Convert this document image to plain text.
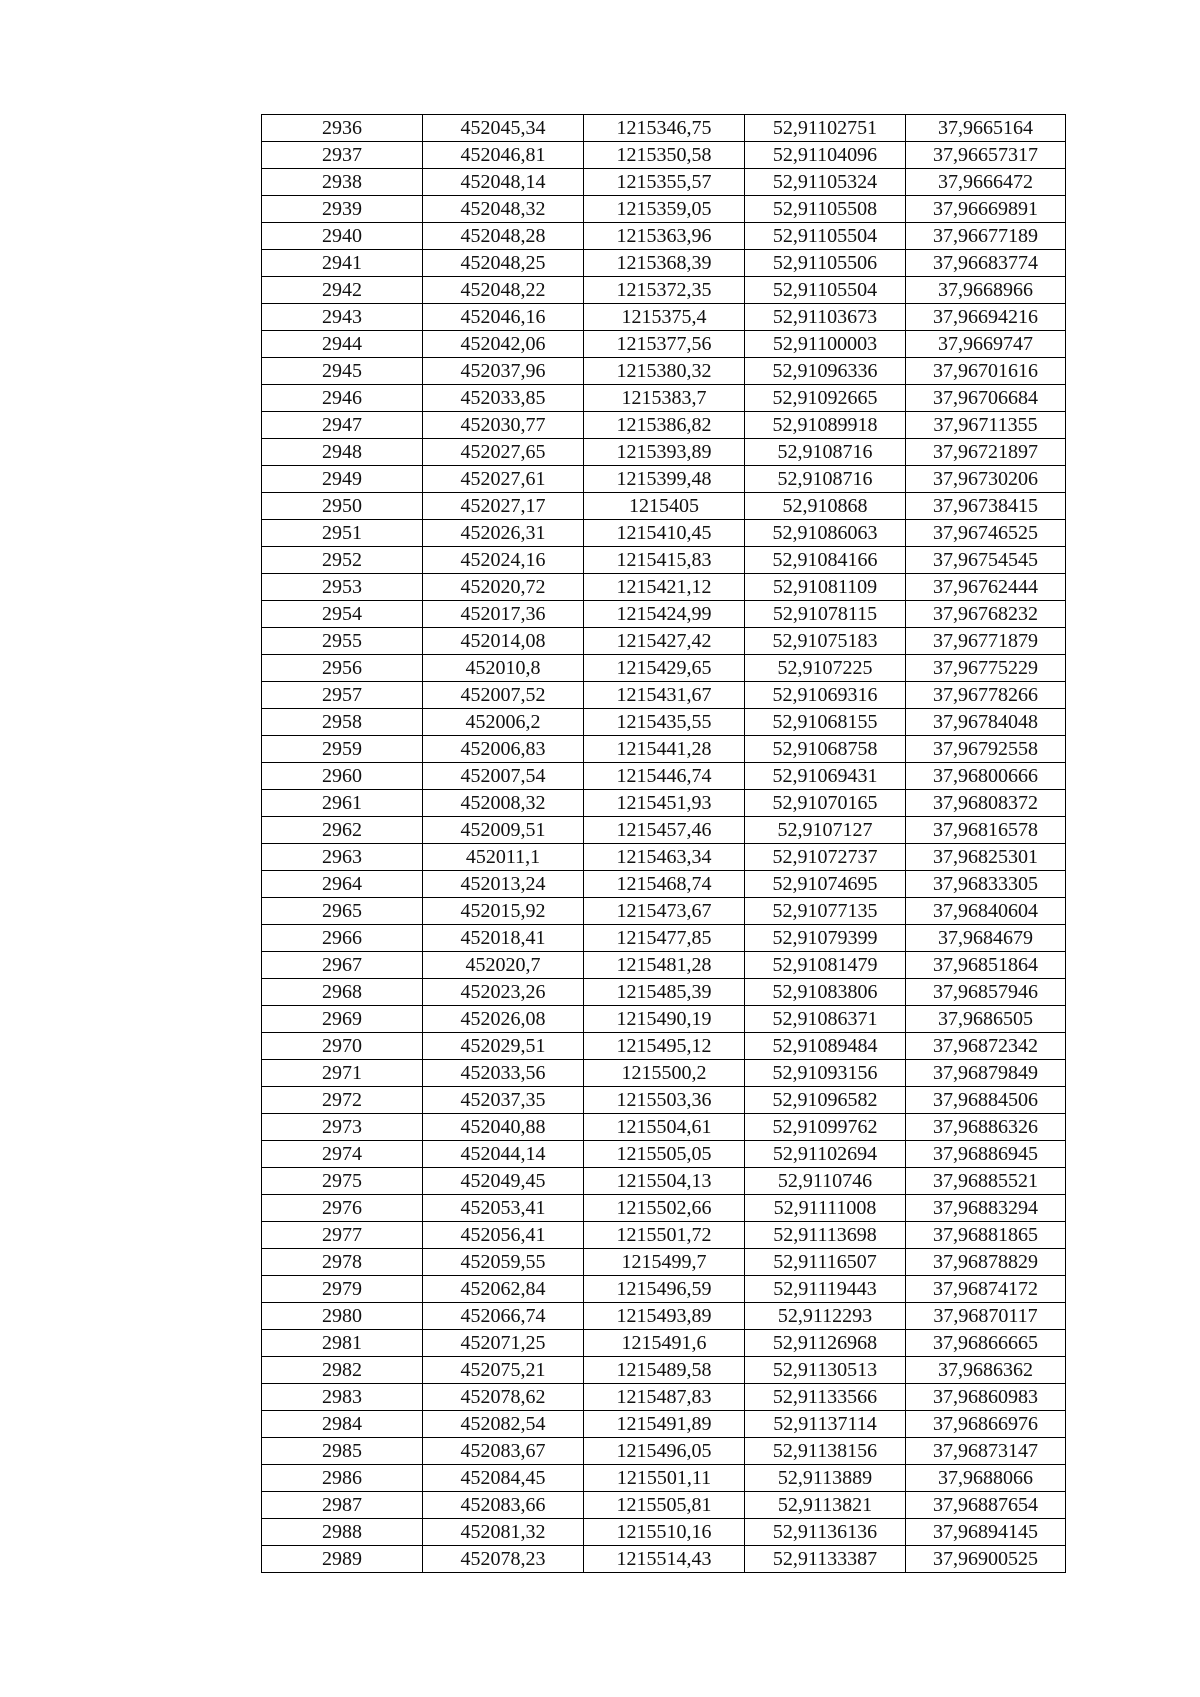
2936	452045,34	1215346,75	52,91102751	37,9665164
2937	452046,81	1215350,58	52,91104096	37,96657317
2938	452048,14	1215355,57	52,91105324	37,9666472
2939	452048,32	1215359,05	52,91105508	37,96669891
2940	452048,28	1215363,96	52,91105504	37,96677189
2941	452048,25	1215368,39	52,91105506	37,96683774
2942	452048,22	1215372,35	52,91105504	37,9668966
2943	452046,16	1215375,4	52,91103673	37,96694216
2944	452042,06	1215377,56	52,91100003	37,9669747
2945	452037,96	1215380,32	52,91096336	37,96701616
2946	452033,85	1215383,7	52,91092665	37,96706684
2947	452030,77	1215386,82	52,91089918	37,96711355
2948	452027,65	1215393,89	52,9108716	37,96721897
2949	452027,61	1215399,48	52,9108716	37,96730206
2950	452027,17	1215405	52,910868	37,96738415
2951	452026,31	1215410,45	52,91086063	37,96746525
2952	452024,16	1215415,83	52,91084166	37,96754545
2953	452020,72	1215421,12	52,91081109	37,96762444
2954	452017,36	1215424,99	52,91078115	37,96768232
2955	452014,08	1215427,42	52,91075183	37,96771879
2956	452010,8	1215429,65	52,9107225	37,96775229
2957	452007,52	1215431,67	52,91069316	37,96778266
2958	452006,2	1215435,55	52,91068155	37,96784048
2959	452006,83	1215441,28	52,91068758	37,96792558
2960	452007,54	1215446,74	52,91069431	37,96800666
2961	452008,32	1215451,93	52,91070165	37,96808372
2962	452009,51	1215457,46	52,9107127	37,96816578
2963	452011,1	1215463,34	52,91072737	37,96825301
2964	452013,24	1215468,74	52,91074695	37,96833305
2965	452015,92	1215473,67	52,91077135	37,96840604
2966	452018,41	1215477,85	52,91079399	37,9684679
2967	452020,7	1215481,28	52,91081479	37,96851864
2968	452023,26	1215485,39	52,91083806	37,96857946
2969	452026,08	1215490,19	52,91086371	37,9686505
2970	452029,51	1215495,12	52,91089484	37,96872342
2971	452033,56	1215500,2	52,91093156	37,96879849
2972	452037,35	1215503,36	52,91096582	37,96884506
2973	452040,88	1215504,61	52,91099762	37,96886326
2974	452044,14	1215505,05	52,91102694	37,96886945
2975	452049,45	1215504,13	52,9110746	37,96885521
2976	452053,41	1215502,66	52,91111008	37,96883294
2977	452056,41	1215501,72	52,91113698	37,96881865
2978	452059,55	1215499,7	52,91116507	37,96878829
2979	452062,84	1215496,59	52,91119443	37,96874172
2980	452066,74	1215493,89	52,9112293	37,96870117
2981	452071,25	1215491,6	52,91126968	37,96866665
2982	452075,21	1215489,58	52,91130513	37,9686362
2983	452078,62	1215487,83	52,91133566	37,96860983
2984	452082,54	1215491,89	52,91137114	37,96866976
2985	452083,67	1215496,05	52,91138156	37,96873147
2986	452084,45	1215501,11	52,9113889	37,9688066
2987	452083,66	1215505,81	52,9113821	37,96887654
2988	452081,32	1215510,16	52,91136136	37,96894145
2989	452078,23	1215514,43	52,91133387	37,96900525
